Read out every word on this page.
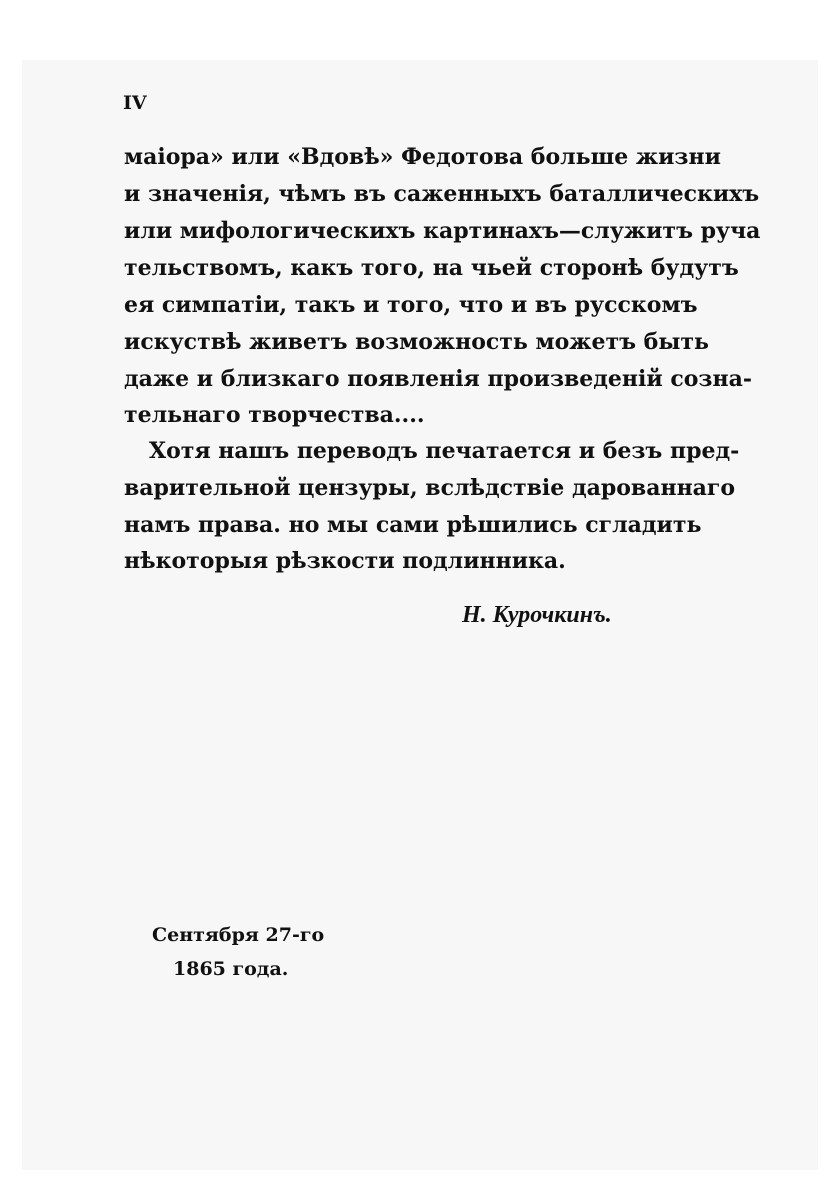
IV
маіора» или «Вдовѣ» Федотова больше жизни
и значенія, чѣмъ въ саженныхъ баталлическихъ
или мифологическихъ картинахъ—служитъ руча
тельствомъ, какъ того, на чьей сторонѣ будутъ
ея симпатіи, такъ и того, что и въ русскомъ
искуствѣ живетъ возможность можетъ быть
даже и близкаго появленія произведеній созна-
тельнаго творчества....
Хотя нашъ переводъ печатается и безъ пред-
варительной цензуры, вслѣдствіе дарованнаго
намъ права. но мы сами рѣшились сгладить
нѣкоторыя рѣзкости подлинника.
Н. Курочкинъ.
Сентября 27-го
1865 года.
